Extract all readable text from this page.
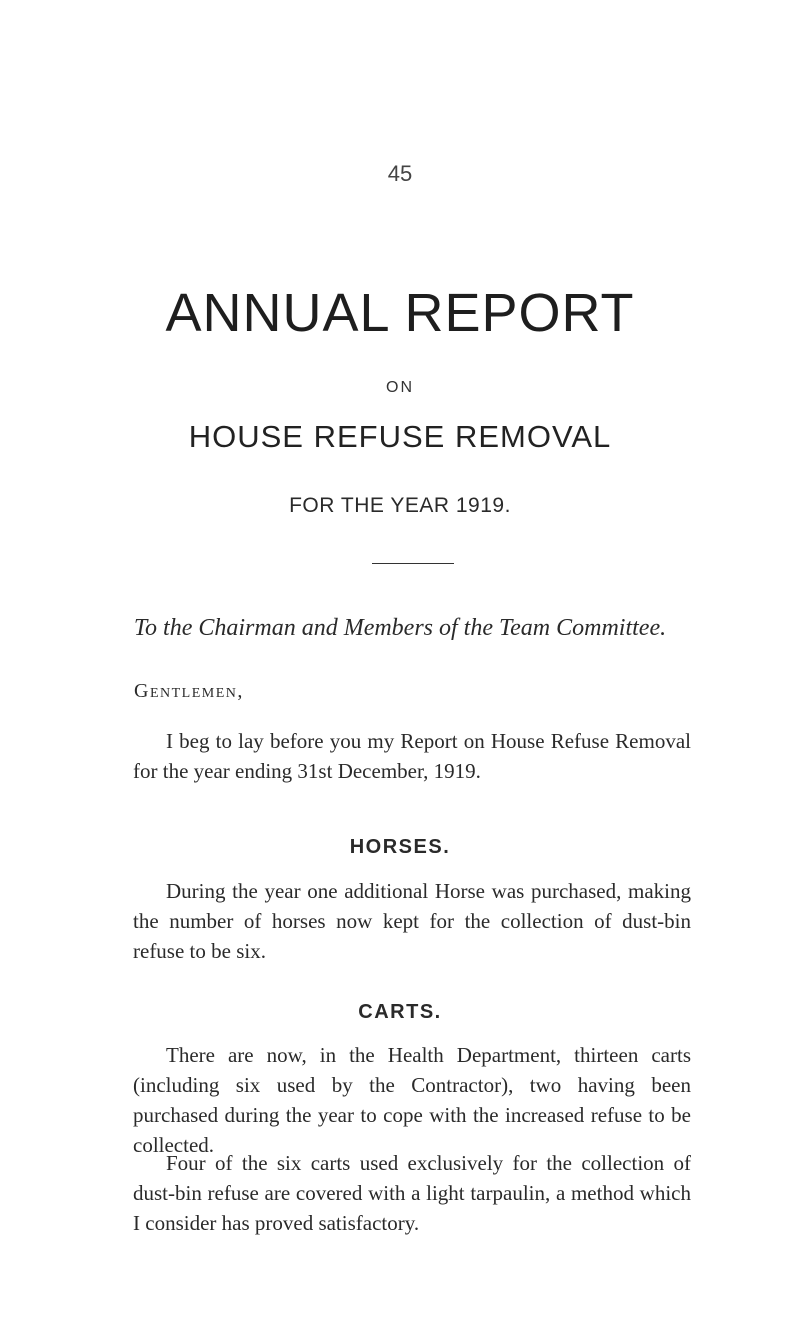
45
ANNUAL REPORT
ON
HOUSE REFUSE REMOVAL
FOR THE YEAR 1919.
To the Chairman and Members of the Team Committee.
Gentlemen,
I beg to lay before you my Report on House Refuse Removal for the year ending 31st December, 1919.
HORSES.
During the year one additional Horse was purchased, making the number of horses now kept for the collection of dust-bin refuse to be six.
CARTS.
There are now, in the Health Department, thirteen carts (including six used by the Contractor), two having been purchased during the year to cope with the increased refuse to be collected.
Four of the six carts used exclusively for the collection of dust-bin refuse are covered with a light tarpaulin, a method which I consider has proved satisfactory.
